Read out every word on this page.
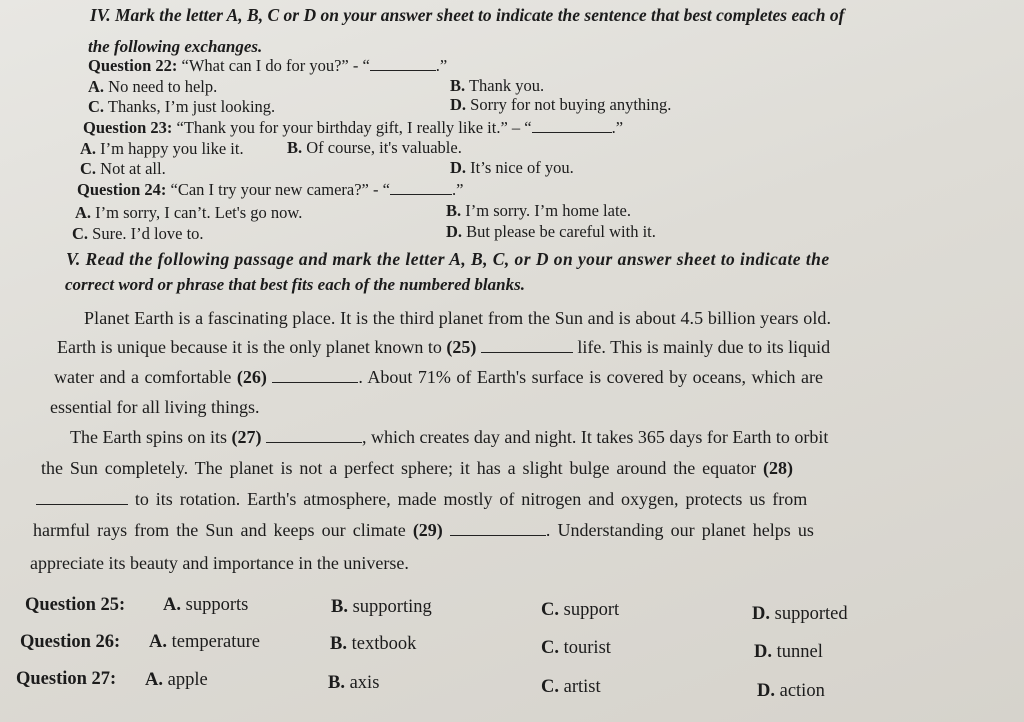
IV. Mark the letter A, B, C or D on your answer sheet to indicate the sentence that best completes each of
the following exchanges.
Question 22: “What can I do for you?” - “	.”
A. No need to help.	B. Thank you.
C. Thanks, I’m just looking.	D. Sorry for not buying anything.
Question 23: “Thank you for your birthday gift, I really like it.” – “	.”
A. I’m happy you like it.	B. Of course, it's valuable.
C. Not at all.	D. It’s nice of you.
Question 24: “Can I try your new camera?” - “	.”
A. I’m sorry, I can’t. Let's go now.	B. I’m sorry. I’m home late.
C. Sure. I’d love to.	D. But please be careful with it.
V. Read the following passage and mark the letter A, B, C, or D on your answer sheet to indicate the
correct word or phrase that best fits each of the numbered blanks.
Planet Earth is a fascinating place. It is the third planet from the Sun and is about 4.5 billion years old.
Earth is unique because it is the only planet known to (25)	life. This is mainly due to its liquid
water and a comfortable (26)	. About 71% of Earth's surface is covered by oceans, which are
essential for all living things.
The Earth spins on its (27)	, which creates day and night. It takes 365 days for Earth to orbit
the Sun completely. The planet is not a perfect sphere; it has a slight bulge around the equator (28)
to its rotation. Earth's atmosphere, made mostly of nitrogen and oxygen, protects us from
harmful rays from the Sun and keeps our climate (29)	. Understanding our planet helps us
appreciate its beauty and importance in the universe.
Question 25: A. supports	B. supporting	C. support	D. supported
Question 26: A. temperature	B. textbook	C. tourist	D. tunnel
Question 27: A. apple	B. axis	C. artist	D. action
